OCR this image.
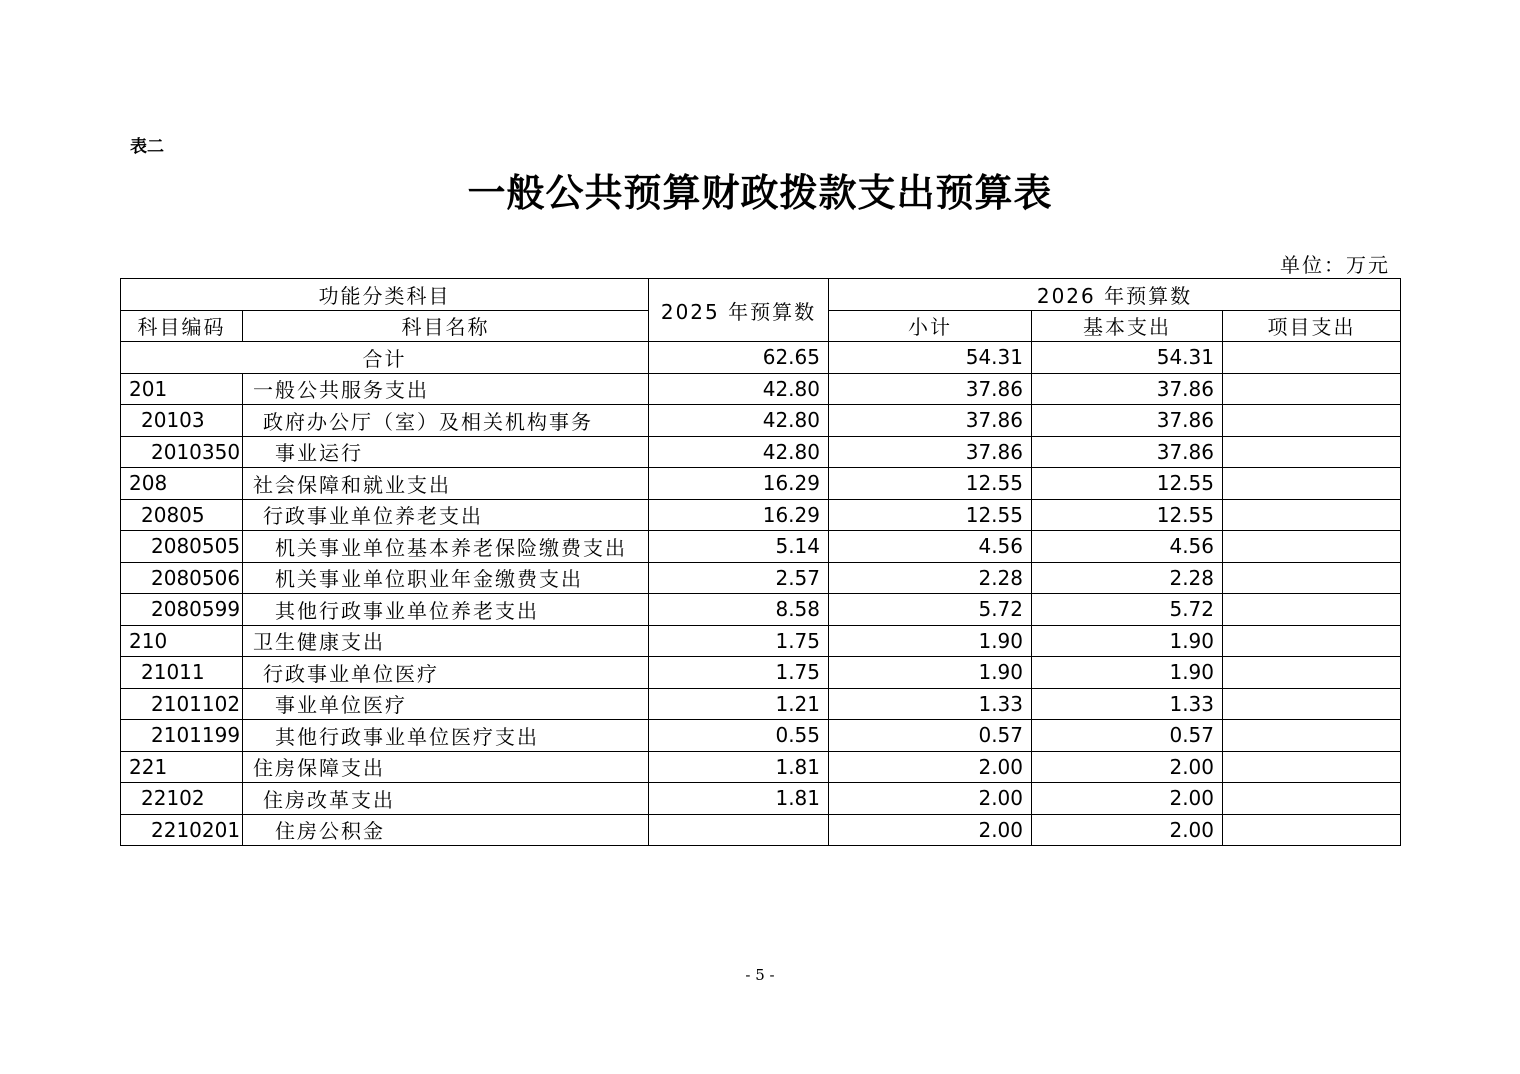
表二
一般公共预算财政拨款支出预算表
单位：万元
功能分类科目		2025 年预算数	2026 年预算数		
科目编码	科目名称		小计	基本支出	项目支出
合计		62.65	54.31	54.31	
201	一般公共服务支出	42.80	37.86	37.86	
20103	政府办公厅（室）及相关机构事务	42.80	37.86	37.86	
2010350	事业运行	42.80	37.86	37.86	
208	社会保障和就业支出	16.29	12.55	12.55	
20805	行政事业单位养老支出	16.29	12.55	12.55	
2080505	机关事业单位基本养老保险缴费支出	5.14	4.56	4.56	
2080506	机关事业单位职业年金缴费支出	2.57	2.28	2.28	
2080599	其他行政事业单位养老支出	8.58	5.72	5.72	
210	卫生健康支出	1.75	1.90	1.90	
21011	行政事业单位医疗	1.75	1.90	1.90	
2101102	事业单位医疗	1.21	1.33	1.33	
2101199	其他行政事业单位医疗支出	0.55	0.57	0.57	
221	住房保障支出	1.81	2.00	2.00	
22102	住房改革支出	1.81	2.00	2.00	
2210201	住房公积金		2.00	2.00	
- 5 -
